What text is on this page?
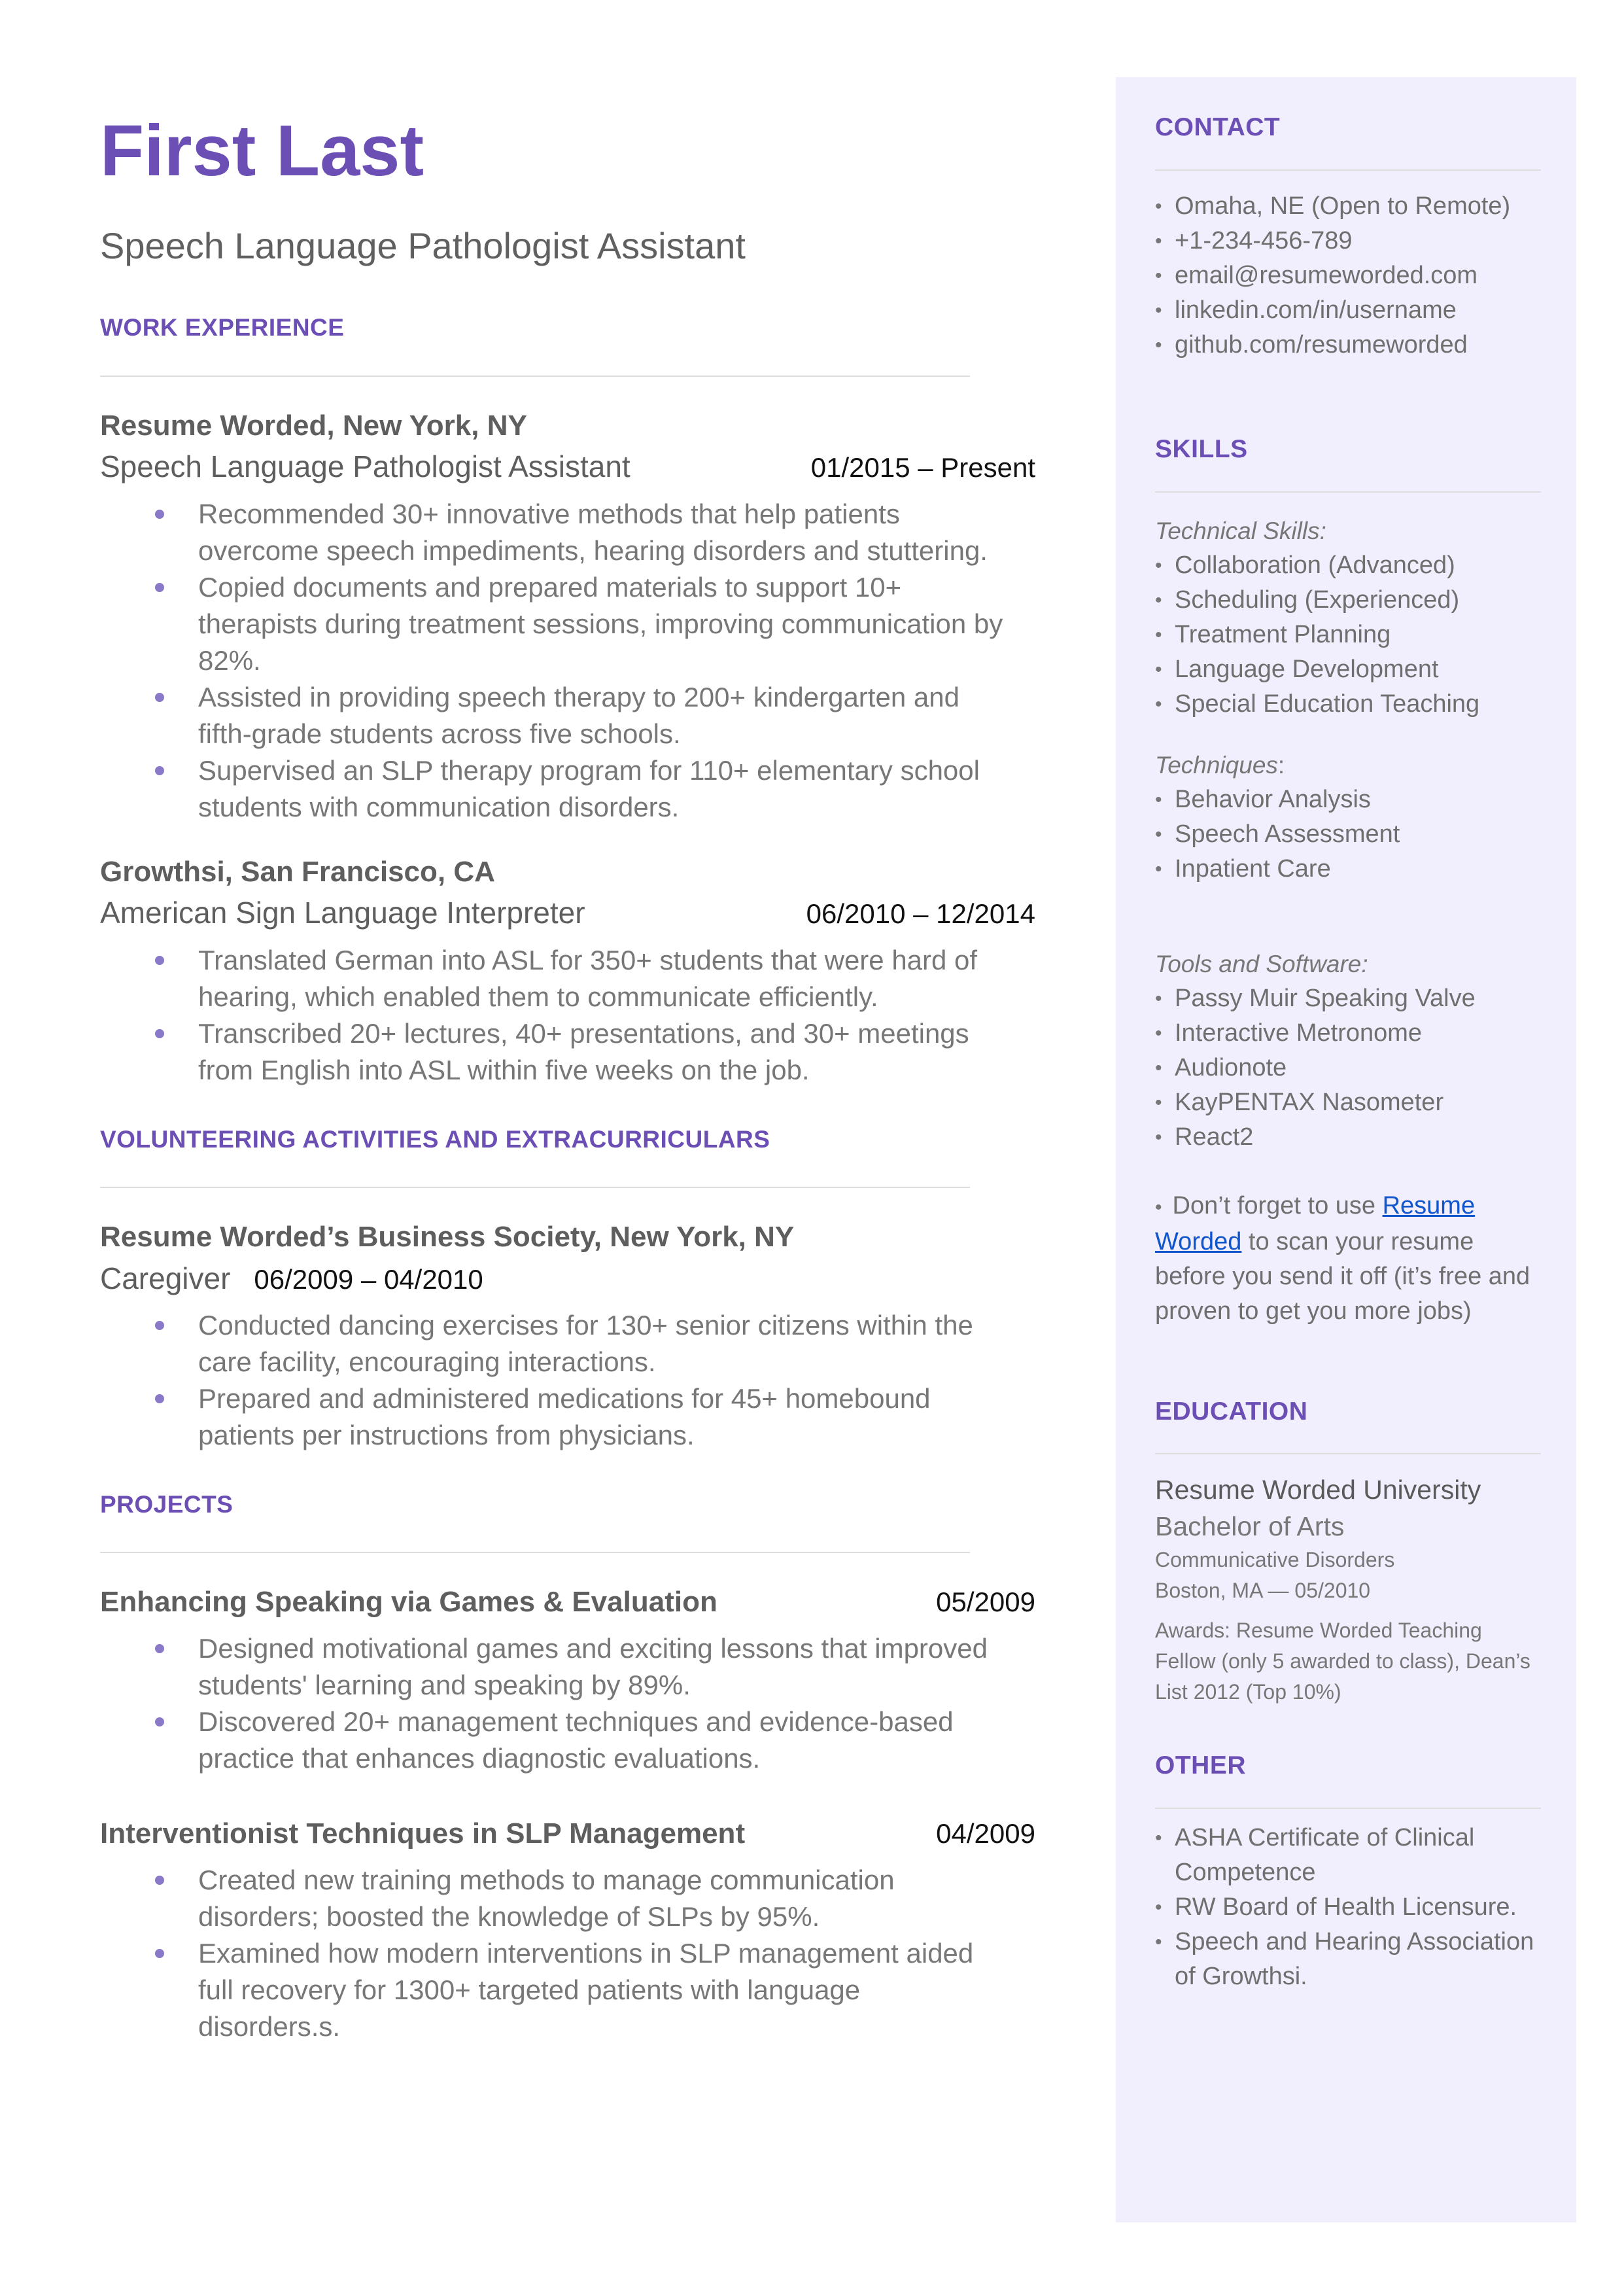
First Last
Speech Language Pathologist Assistant
WORK EXPERIENCE
Resume Worded, New York, NY
Speech Language Pathologist Assistant	01/2015 – Present
Recommended 30+ innovative methods that help patients overcome speech impediments, hearing disorders and stuttering.
Copied documents and prepared materials to support 10+ therapists during treatment sessions, improving communication by 82%.
Assisted in providing speech therapy to 200+ kindergarten and fifth-grade students across five schools.
Supervised an SLP therapy program for 110+ elementary school students with communication disorders.
Growthsi, San Francisco, CA
American Sign Language Interpreter	06/2010 – 12/2014
Translated German into ASL for 350+ students that were hard of hearing, which enabled them to communicate efficiently.
Transcribed 20+ lectures, 40+ presentations, and 30+ meetings from English into ASL within five weeks on the job.
VOLUNTEERING ACTIVITIES AND EXTRACURRICULARS
Resume Worded’s Business Society, New York, NY
Caregiver 06/2009 – 04/2010
Conducted dancing exercises for 130+ senior citizens within the care facility, encouraging interactions.
Prepared and administered medications for 45+ homebound patients per instructions from physicians.
PROJECTS
Enhancing Speaking via Games & Evaluation	05/2009
Designed motivational games and exciting lessons that improved students' learning and speaking by 89%.
Discovered 20+ management techniques and evidence-based practice that enhances diagnostic evaluations.
Interventionist Techniques in SLP Management	04/2009
Created new training methods to manage communication disorders; boosted the knowledge of SLPs by 95%.
Examined how modern interventions in SLP management aided full recovery for 1300+ targeted patients with language disorders.s.
CONTACT
• Omaha, NE (Open to Remote)
• +1-234-456-789
• email@resumeworded.com
• linkedin.com/in/username
• github.com/resumeworded
SKILLS
Technical Skills:
• Collaboration (Advanced)
• Scheduling (Experienced)
• Treatment Planning
• Language Development
• Special Education Teaching
Techniques:
• Behavior Analysis
• Speech Assessment
• Inpatient Care
Tools and Software:
• Passy Muir Speaking Valve
• Interactive Metronome
• Audionote
• KayPENTAX Nasometer
• React2
• Don’t forget to use Resume Worded to scan your resume before you send it off (it’s free and proven to get you more jobs)
EDUCATION
Resume Worded University
Bachelor of Arts
Communicative Disorders
Boston, MA — 05/2010
Awards: Resume Worded Teaching Fellow (only 5 awarded to class), Dean’s List 2012 (Top 10%)
OTHER
• ASHA Certificate of Clinical Competence
• RW Board of Health Licensure.
• Speech and Hearing Association of Growthsi.
